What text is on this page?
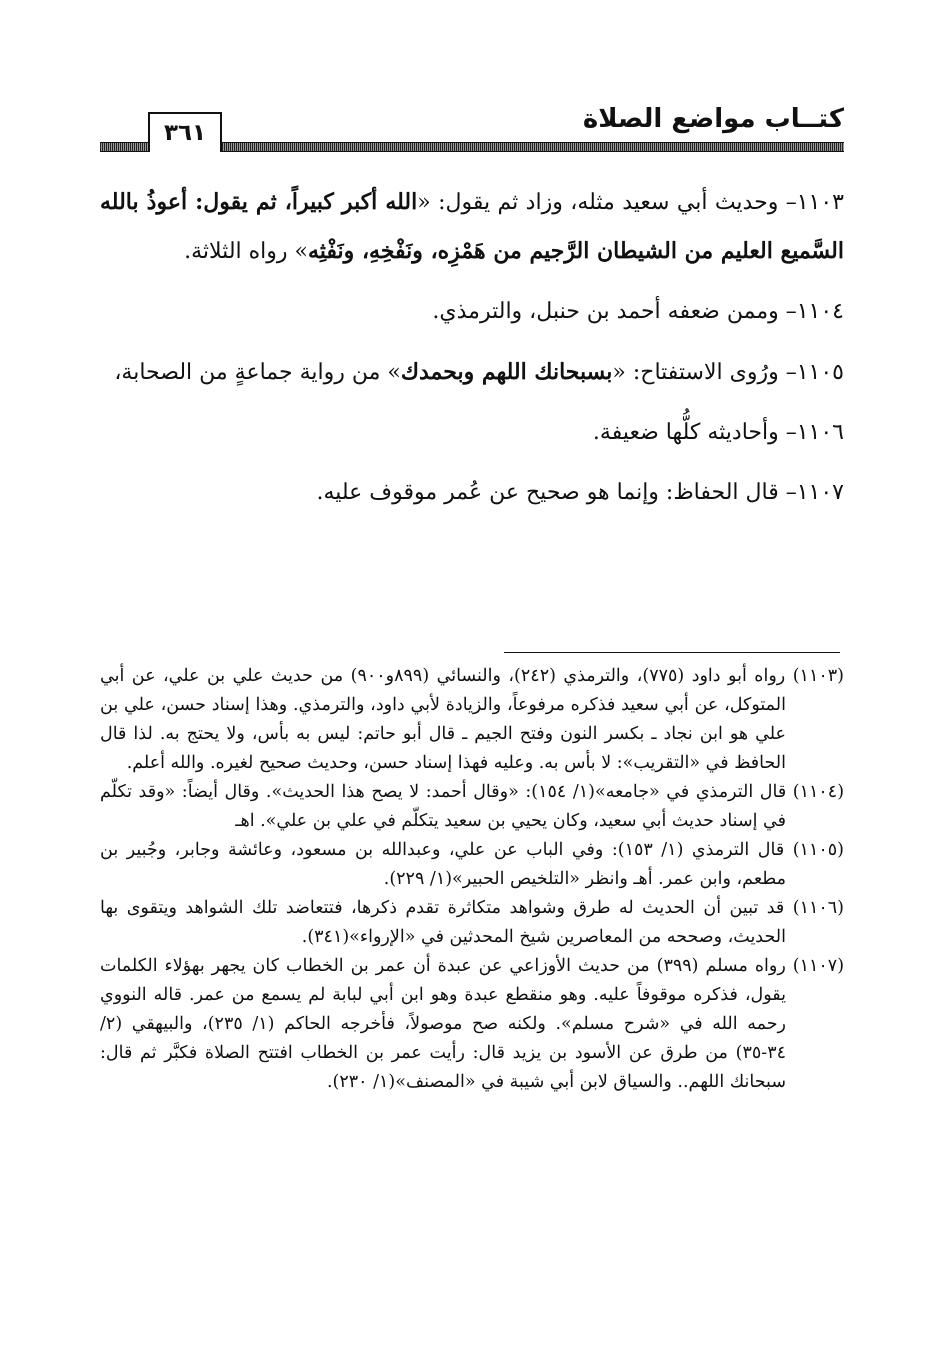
كتــاب مواضع الصلاة
٣٦١

١١٠٣– وحديث أبي سعيد مثله، وزاد ثم يقول: «الله أكبر كبيراً، ثم يقول: أعوذُ بالله السَّميع العليم من الشيطان الرَّجيم من هَمْزِه، ونَفْخِهِ، ونَفْثِه» رواه الثلاثة.

١١٠٤– وممن ضعفه أحمد بن حنبل، والترمذي.

١١٠٥– ورُوى الاستفتاح: «بسبحانك اللهم وبحمدك» من رواية جماعةٍ من الصحابة،

١١٠٦– وأحاديثه كلُّها ضعيفة.

١١٠٧– قال الحفاظ: وإنما هو صحيح عن عُمر موقوف عليه.

(١١٠٣) رواه أبو داود (٧٧٥)، والترمذي (٢٤٢)، والنسائي (٨٩٩و٩٠٠) من حديث علي بن علي، عن أبي المتوكل، عن أبي سعيد فذكره مرفوعاً، والزيادة لأبي داود، والترمذي. وهذا إسناد حسن، علي بن علي هو ابن نجاد ـ بكسر النون وفتح الجيم ـ قال أبو حاتم: ليس به بأس، ولا يحتج به. لذا قال الحافظ في «التقريب»: لا بأس به. وعليه فهذا إسناد حسن، وحديث صحيح لغيره. والله أعلم.

(١١٠٤) قال الترمذي في «جامعه»(١/ ١٥٤): «وقال أحمد: لا يصح هذا الحديث». وقال أيضاً: «وقد تكلّم في إسناد حديث أبي سعيد، وكان يحيي بن سعيد يتكلّم في علي بن علي». اهـ

(١١٠٥) قال الترمذي (١/ ١٥٣): وفي الباب عن علي، وعبدالله بن مسعود، وعائشة وجابر، وجُبير بن مطعم، وابن عمر. أهـ وانظر «التلخيص الحبير»(١/ ٢٢٩).

(١١٠٦) قد تبين أن الحديث له طرق وشواهد متكاثرة تقدم ذكرها، فتتعاضد تلك الشواهد ويتقوى بها الحديث، وصححه من المعاصرين شيخ المحدثين في «الإرواء»(٣٤١).

(١١٠٧) رواه مسلم (٣٩٩) من حديث الأوزاعي عن عبدة أن عمر بن الخطاب كان يجهر بهؤلاء الكلمات يقول، فذكره موقوفاً عليه. وهو منقطع عبدة وهو ابن أبي لبابة لم يسمع من عمر. قاله النووي رحمه الله في «شرح مسلم». ولكنه صح موصولاً، فأخرجه الحاكم (١/ ٢٣٥)، والبيهقي (٢/ ٣٤-٣٥) من طرق عن الأسود بن يزيد قال: رأيت عمر بن الخطاب افتتح الصلاة فكبَّر ثم قال: سبحانك اللهم.. والسياق لابن أبي شيبة في «المصنف»(١/ ٢٣٠).
